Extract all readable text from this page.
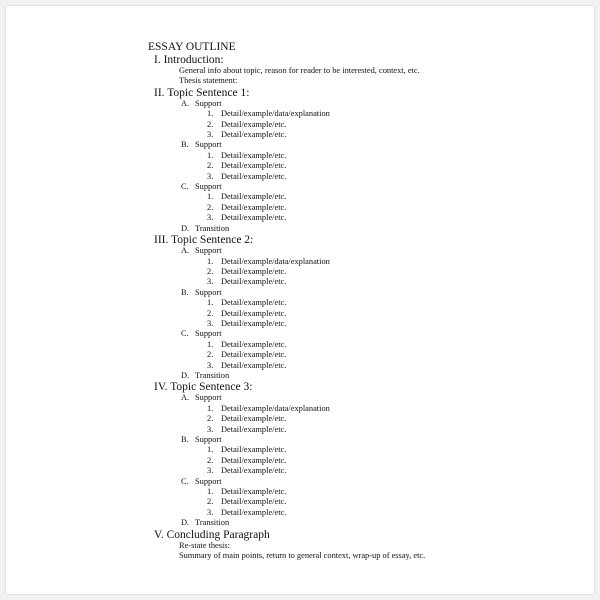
ESSAY OUTLINE
I. Introduction:
General info about topic, reason for reader to be interested, context, etc.
Thesis statement:
II. Topic Sentence 1:
A. Support
1. Detail/example/data/explanation
2. Detail/example/etc.
3. Detail/example/etc.
B. Support
1. Detail/example/etc.
2. Detail/example/etc.
3. Detail/example/etc.
C. Support
1. Detail/example/etc.
2. Detail/example/etc.
3. Detail/example/etc.
D. Transition
III. Topic Sentence 2:
A. Support
1. Detail/example/data/explanation
2. Detail/example/etc.
3. Detail/example/etc.
B. Support
1. Detail/example/etc.
2. Detail/example/etc.
3. Detail/example/etc.
C. Support
1. Detail/example/etc.
2. Detail/example/etc.
3. Detail/example/etc.
D. Transition
IV. Topic Sentence 3:
A. Support
1. Detail/example/data/explanation
2. Detail/example/etc.
3. Detail/example/etc.
B. Support
1. Detail/example/etc.
2. Detail/example/etc.
3. Detail/example/etc.
C. Support
1. Detail/example/etc.
2. Detail/example/etc.
3. Detail/example/etc.
D. Transition
V. Concluding Paragraph
Re-state thesis:
Summary of main points, return to general context, wrap-up of essay, etc.
